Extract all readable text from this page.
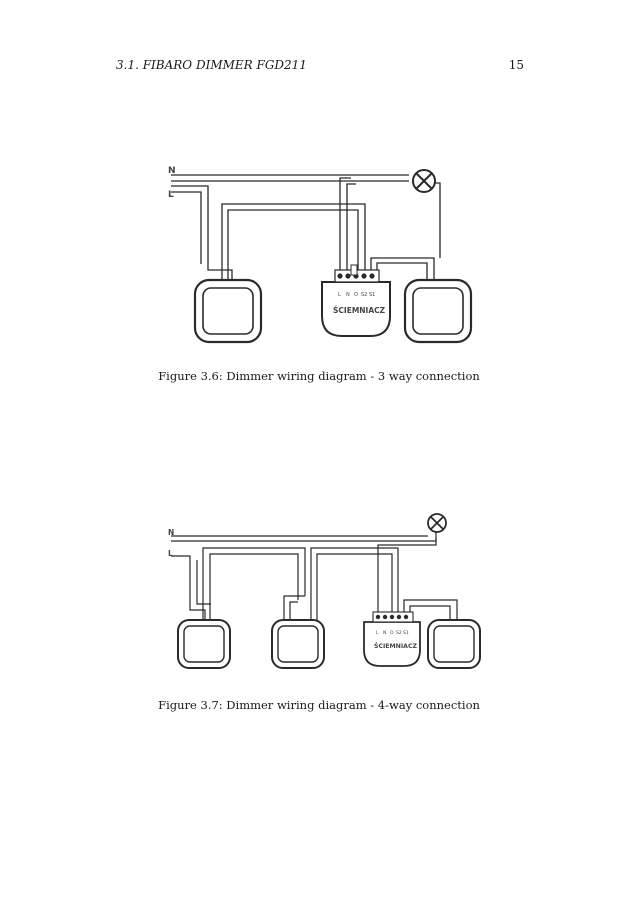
3.1. FIBARO DIMMER FGD211	15
L N O S2 S1
ŚCIEMNIACZ
N
L
Figure 3.6: Dimmer wiring diagram - 3 way connection
L N O S2 S1
ŚCIEMNIACZ
N
L
Figure 3.7: Dimmer wiring diagram - 4-way connection
